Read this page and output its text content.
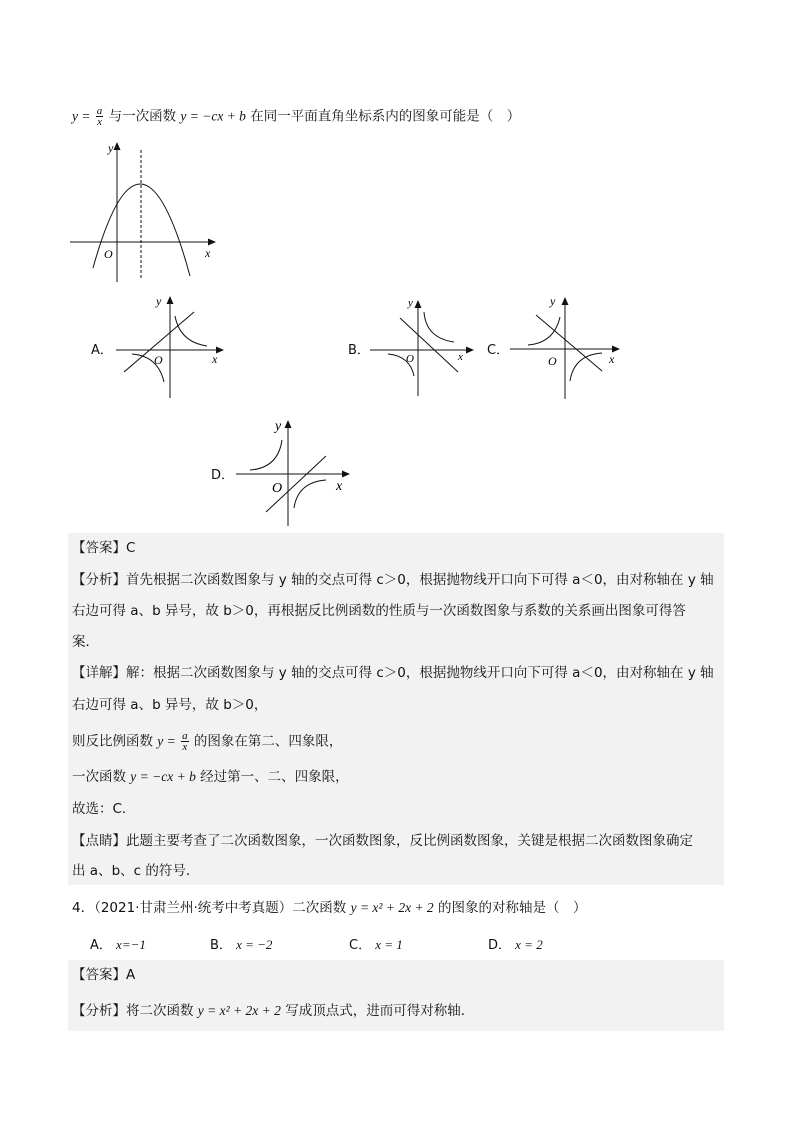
$y = \frac{a}{x}$ 与一次函数 y = −cx + b 在同一平面直角坐标系内的图象可能是（　）
y
x
O
A．
y
x
O
B．
y
x
O
C．
y
x
O
D．
y
x
O
【答案】C
【分析】首先根据二次函数图象与 y 轴的交点可得 c＞0，根据抛物线开口向下可得 a＜0，由对称轴在 y 轴
右边可得 a、b 异号，故 b＞0，再根据反比例函数的性质与一次函数图象与系数的关系画出图象可得答
案．
【详解】解：根据二次函数图象与 y 轴的交点可得 c＞0，根据抛物线开口向下可得 a＜0，由对称轴在 y 轴
右边可得 a、b 异号，故 b＞0，
则反比例函数 $y = \frac{a}{x}$ 的图象在第二、四象限，
一次函数 y = −cx + b 经过第一、二、四象限，
故选：C．
【点睛】此题主要考查了二次函数图象，一次函数图象，反比例函数图象，关键是根据二次函数图象确定
出 a、b、c 的符号．
4．（2021·甘肃兰州·统考中考真题）二次函数 y = x² + 2x + 2 的图象的对称轴是（　）
A． x=−1	B． x = −2	C． x = 1	D． x = 2
【答案】A
【分析】将二次函数 y = x² + 2x + 2 写成顶点式，进而可得对称轴．
